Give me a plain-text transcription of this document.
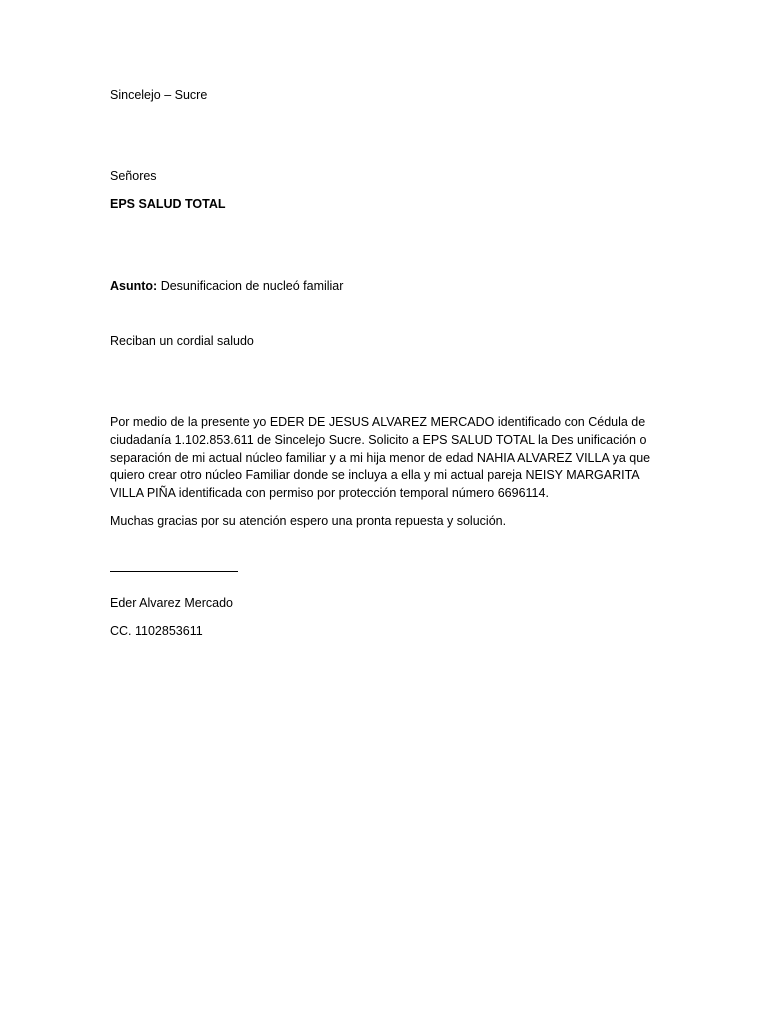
Sincelejo – Sucre
Señores
EPS SALUD TOTAL
Asunto: Desunificacion de nucleó familiar
Reciban un cordial saludo
Por medio de la presente yo EDER DE JESUS ALVAREZ MERCADO identificado con Cédula de ciudadanía 1.102.853.611 de Sincelejo Sucre. Solicito a EPS SALUD TOTAL la Des unificación o separación de mi actual núcleo familiar y a mi hija menor de edad NAHIA ALVAREZ VILLA ya que quiero crear otro núcleo Familiar donde se incluya a ella y mi actual pareja NEISY MARGARITA VILLA PIÑA identificada con permiso por protección temporal número 6696114.
Muchas gracias por su atención espero una pronta repuesta y solución.
Eder Alvarez Mercado
CC. 1102853611
